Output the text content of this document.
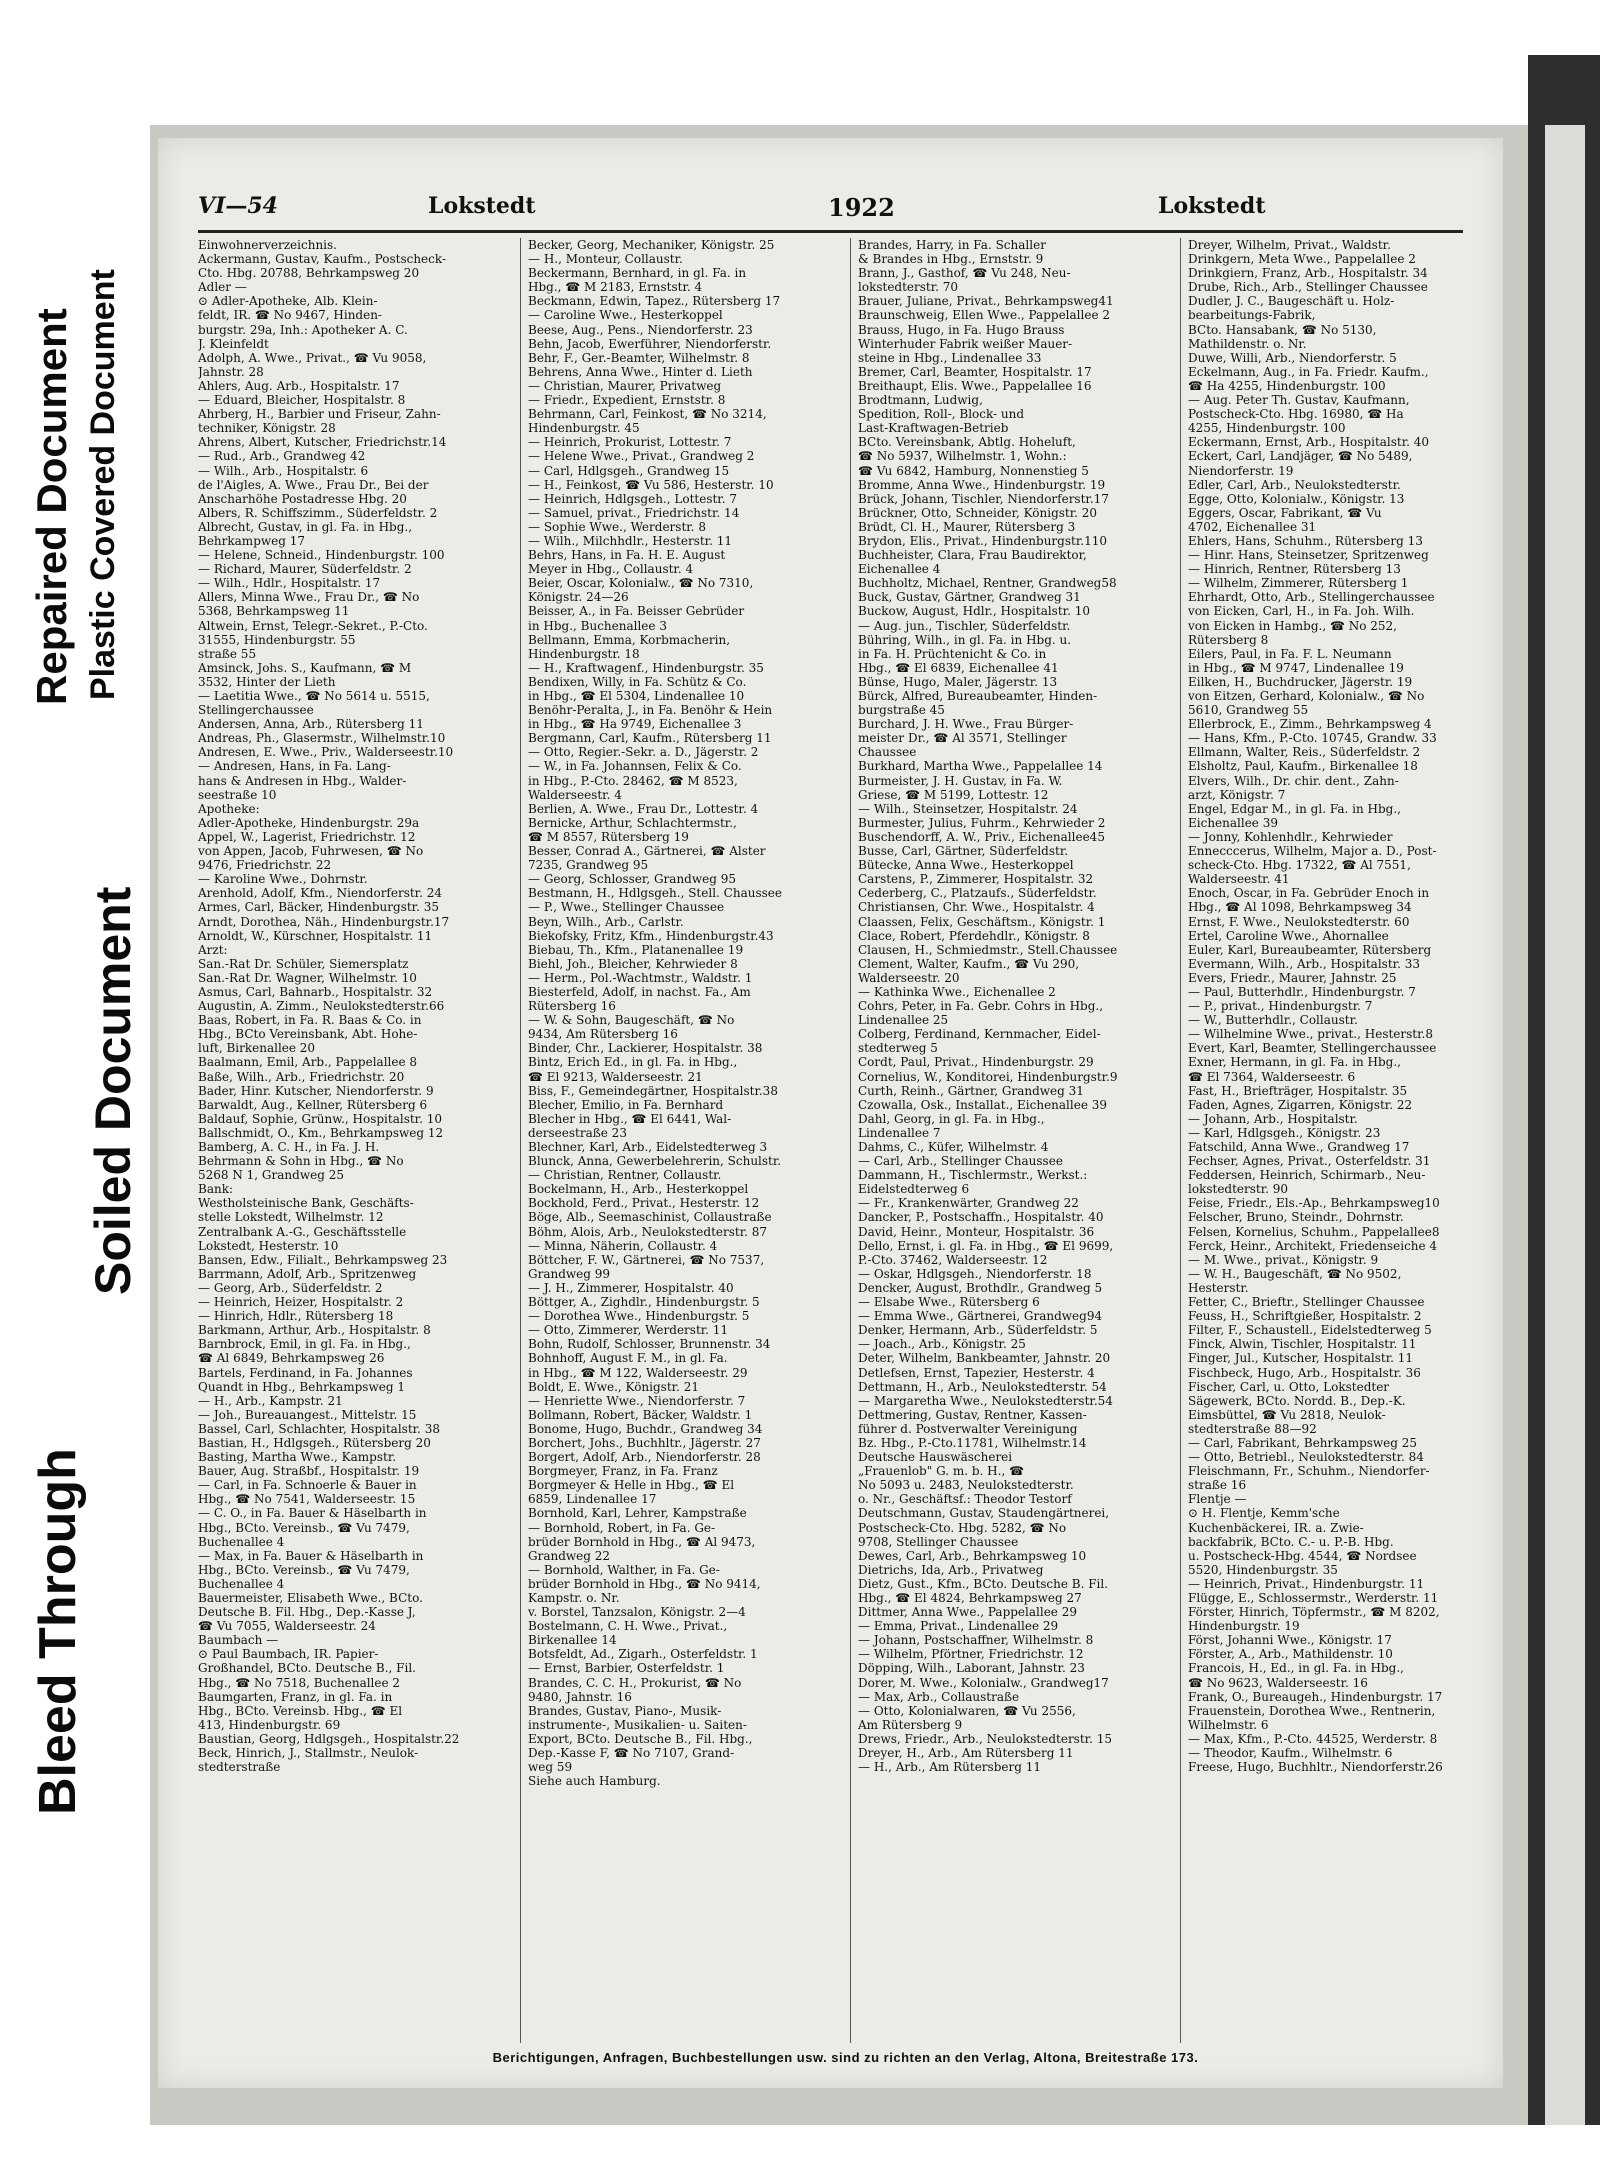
Repaired Document Plastic Covered Document
Soiled Document
Bleed Through
VI—54	Lokstedt	1922	Lokstedt

Einwohnerverzeichnis.

Ackermann, Gustav, Kaufm., Postscheck-

Cto. Hbg. 20788, Behrkampsweg 20

Adler —

⊙ Adler-Apotheke, Alb. Klein-

feldt, IR. ☎ No 9467, Hinden-

burgstr. 29a, Inh.: Apotheker A. C.

J. Kleinfeldt

Adolph, A. Wwe., Privat., ☎ Vu 9058,

Jahnstr. 28

Ahlers, Aug. Arb., Hospitalstr. 17

— Eduard, Bleicher, Hospitalstr. 8

Ahrberg, H., Barbier und Friseur, Zahn-

techniker, Königstr. 28

Ahrens, Albert, Kutscher, Friedrichstr.14

— Rud., Arb., Grandweg 42

— Wilh., Arb., Hospitalstr. 6

de l'Aigles, A. Wwe., Frau Dr., Bei der

Anscharhöhe Postadresse Hbg. 20

Albers, R. Schiffszimm., Süderfeldstr. 2

Albrecht, Gustav, in gl. Fa. in Hbg.,

Behrkampweg 17

— Helene, Schneid., Hindenburgstr. 100

— Richard, Maurer, Süderfeldstr. 2

— Wilh., Hdlr., Hospitalstr. 17

Allers, Minna Wwe., Frau Dr., ☎ No

5368, Behrkampsweg 11

Altwein, Ernst, Telegr.-Sekret., P.-Cto.

31555, Hindenburgstr. 55

straße 55

Amsinck, Johs. S., Kaufmann, ☎ M

3532, Hinter der Lieth

— Laetitia Wwe., ☎ No 5614 u. 5515,

Stellingerchaussee

Andersen, Anna, Arb., Rütersberg 11

Andreas, Ph., Glasermstr., Wilhelmstr.10

Andresen, E. Wwe., Priv., Walderseestr.10

— Andresen, Hans, in Fa. Lang-

hans & Andresen in Hbg., Walder-

seestraße 10

Apotheke:

Adler-Apotheke, Hindenburgstr. 29a

Appel, W., Lagerist, Friedrichstr. 12

von Appen, Jacob, Fuhrwesen, ☎ No

9476, Friedrichstr. 22

— Karoline Wwe., Dohrnstr.

Arenhold, Adolf, Kfm., Niendorferstr. 24

Armes, Carl, Bäcker, Hindenburgstr. 35

Arndt, Dorothea, Näh., Hindenburgstr.17

Arnoldt, W., Kürschner, Hospitalstr. 11

Arzt:

San.-Rat Dr. Schüler, Siemersplatz

San.-Rat Dr. Wagner, Wilhelmstr. 10

Asmus, Carl, Bahnarb., Hospitalstr. 32

Augustin, A. Zimm., Neulokstedterstr.66

Baas, Robert, in Fa. R. Baas & Co. in

Hbg., BCto Vereinsbank, Abt. Hohe-

luft, Birkenallee 20

Baalmann, Emil, Arb., Pappelallee 8

Baße, Wilh., Arb., Friedrichstr. 20

Bader, Hinr. Kutscher, Niendorferstr. 9

Barwaldt, Aug., Kellner, Rütersberg 6

Baldauf, Sophie, Grünw., Hospitalstr. 10

Ballschmidt, O., Km., Behrkampsweg 12

Bamberg, A. C. H., in Fa. J. H.

Behrmann & Sohn in Hbg., ☎ No

5268 N 1, Grandweg 25

Bank:

Westholsteinische Bank, Geschäfts-

stelle Lokstedt, Wilhelmstr. 12

Zentralbank A.-G., Geschäftsstelle

Lokstedt, Hesterstr. 10

Bansen, Edw., Filialt., Behrkampsweg 23

Barrmann, Adolf, Arb., Spritzenweg

— Georg, Arb., Süderfeldstr. 2

— Heinrich, Heizer, Hospitalstr. 2

— Hinrich, Hdlr., Rütersberg 18

Barkmann, Arthur, Arb., Hospitalstr. 8

Barnbrock, Emil, in gl. Fa. in Hbg.,

☎ Al 6849, Behrkampsweg 26

Bartels, Ferdinand, in Fa. Johannes

Quandt in Hbg., Behrkampsweg 1

— H., Arb., Kampstr. 21

— Joh., Bureauangest., Mittelstr. 15

Bassel, Carl, Schlachter, Hospitalstr. 38

Bastian, H., Hdlgsgeh., Rütersberg 20

Basting, Martha Wwe., Kampstr.

Bauer, Aug. Straßbf., Hospitalstr. 19

— Carl, in Fa. Schnoerle & Bauer in

Hbg., ☎ No 7541, Walderseestr. 15

— C. O., in Fa. Bauer & Häselbarth in

Hbg., BCto. Vereinsb., ☎ Vu 7479,

Buchenallee 4

— Max, in Fa. Bauer & Häselbarth in

Hbg., BCto. Vereinsb., ☎ Vu 7479,

Buchenallee 4

Bauermeister, Elisabeth Wwe., BCto.

Deutsche B. Fil. Hbg., Dep.-Kasse J,

☎ Vu 7055, Walderseestr. 24

Baumbach —

⊙ Paul Baumbach, IR. Papier-

Großhandel, BCto. Deutsche B., Fil.

Hbg., ☎ No 7518, Buchenallee 2

Baumgarten, Franz, in gl. Fa. in

Hbg., BCto. Vereinsb. Hbg., ☎ El

413, Hindenburgstr. 69

Baustian, Georg, Hdlgsgeh., Hospitalstr.22

Beck, Hinrich, J., Stallmstr., Neulok-

stedterstraße

Becker, Georg, Mechaniker, Königstr. 25

— H., Monteur, Collaustr.

Beckermann, Bernhard, in gl. Fa. in

Hbg., ☎ M 2183, Ernststr. 4

Beckmann, Edwin, Tapez., Rütersberg 17

— Caroline Wwe., Hesterkoppel

Beese, Aug., Pens., Niendorferstr. 23

Behn, Jacob, Ewerführer, Niendorferstr.

Behr, F., Ger.-Beamter, Wilhelmstr. 8

Behrens, Anna Wwe., Hinter d. Lieth

— Christian, Maurer, Privatweg

— Friedr., Expedient, Ernststr. 8

Behrmann, Carl, Feinkost, ☎ No 3214,

Hindenburgstr. 45

— Heinrich, Prokurist, Lottestr. 7

— Helene Wwe., Privat., Grandweg 2

— Carl, Hdlgsgeh., Grandweg 15

— H., Feinkost, ☎ Vu 586, Hesterstr. 10

— Heinrich, Hdlgsgeh., Lottestr. 7

— Samuel, privat., Friedrichstr. 14

— Sophie Wwe., Werderstr. 8

— Wilh., Milchhdlr., Hesterstr. 11

Behrs, Hans, in Fa. H. E. August

Meyer in Hbg., Collaustr. 4

Beier, Oscar, Kolonialw., ☎ No 7310,

Königstr. 24—26

Beisser, A., in Fa. Beisser Gebrüder

in Hbg., Buchenallee 3

Bellmann, Emma, Korbmacherin,

Hindenburgstr. 18

— H., Kraftwagenf., Hindenburgstr. 35

Bendixen, Willy, in Fa. Schütz & Co.

in Hbg., ☎ El 5304, Lindenallee 10

Benöhr-Peralta, J., in Fa. Benöhr & Hein

in Hbg., ☎ Ha 9749, Eichenallee 3

Bergmann, Carl, Kaufm., Rütersberg 11

— Otto, Regier.-Sekr. a. D., Jägerstr. 2

— W., in Fa. Johannsen, Felix & Co.

in Hbg., P.-Cto. 28462, ☎ M 8523,

Walderseestr. 4

Berlien, A. Wwe., Frau Dr., Lottestr. 4

Bernicke, Arthur, Schlachtermstr.,

☎ M 8557, Rütersberg 19

Besser, Conrad A., Gärtnerei, ☎ Alster

7235, Grandweg 95

— Georg, Schlosser, Grandweg 95

Bestmann, H., Hdlgsgeh., Stell. Chaussee

— P., Wwe., Stellinger Chaussee

Beyn, Wilh., Arb., Carlstr.

Biekofsky, Fritz, Kfm., Hindenburgstr.43

Biebau, Th., Kfm., Platanenallee 19

Biehl, Joh., Bleicher, Kehrwieder 8

— Herm., Pol.-Wachtmstr., Waldstr. 1

Biesterfeld, Adolf, in nachst. Fa., Am

Rütersberg 16

— W. & Sohn, Baugeschäft, ☎ No

9434, Am Rütersberg 16

Binder, Chr., Lackierer, Hospitalstr. 38

Bintz, Erich Ed., in gl. Fa. in Hbg.,

☎ El 9213, Walderseestr. 21

Biss, F., Gemeindegärtner, Hospitalstr.38

Blecher, Emilio, in Fa. Bernhard

Blecher in Hbg., ☎ El 6441, Wal-

derseestraße 23

Blechner, Karl, Arb., Eidelstedterweg 3

Blunck, Anna, Gewerbelehrerin, Schulstr.

— Christian, Rentner, Collaustr.

Bockelmann, H., Arb., Hesterkoppel

Bockhold, Ferd., Privat., Hesterstr. 12

Böge, Alb., Seemaschinist, Collaustraße

Böhm, Alois, Arb., Neulokstedterstr. 87

— Minna, Näherin, Collaustr. 4

Böttcher, F. W., Gärtnerei, ☎ No 7537,

Grandweg 99

— J. H., Zimmerer, Hospitalstr. 40

Böttger, A., Zighdlr., Hindenburgstr. 5

— Dorothea Wwe., Hindenburgstr. 5

— Otto, Zimmerer, Werderstr. 11

Bohn, Rudolf, Schlosser, Brunnenstr. 34

Bohnhoff, August F. M., in gl. Fa.

in Hbg., ☎ M 122, Walderseestr. 29

Boldt, E. Wwe., Königstr. 21

— Henriette Wwe., Niendorferstr. 7

Bollmann, Robert, Bäcker, Waldstr. 1

Bonome, Hugo, Buchdr., Grandweg 34

Borchert, Johs., Buchhltr., Jägerstr. 27

Borgert, Adolf, Arb., Niendorferstr. 28

Borgmeyer, Franz, in Fa. Franz

Borgmeyer & Helle in Hbg., ☎ El

6859, Lindenallee 17

Bornhold, Karl, Lehrer, Kampstraße

— Bornhold, Robert, in Fa. Ge-

brüder Bornhold in Hbg., ☎ Al 9473,

Grandweg 22

— Bornhold, Walther, in Fa. Ge-

brüder Bornhold in Hbg., ☎ No 9414,

Kampstr. o. Nr.

v. Borstel, Tanzsalon, Königstr. 2—4

Bostelmann, C. H. Wwe., Privat.,

Birkenallee 14

Botsfeldt, Ad., Zigarh., Osterfeldstr. 1

— Ernst, Barbier, Osterfeldstr. 1

Brandes, C. C. H., Prokurist, ☎ No

9480, Jahnstr. 16

Brandes, Gustav, Piano-, Musik-

instrumente-, Musikalien- u. Saiten-

Export, BCto. Deutsche B., Fil. Hbg.,

Dep.-Kasse F, ☎ No 7107, Grand-

weg 59

Siehe auch Hamburg.

Brandes, Harry, in Fa. Schaller

& Brandes in Hbg., Ernststr. 9

Brann, J., Gasthof, ☎ Vu 248, Neu-

lokstedterstr. 70

Brauer, Juliane, Privat., Behrkampsweg41

Braunschweig, Ellen Wwe., Pappelallee 2

Brauss, Hugo, in Fa. Hugo Brauss

Winterhuder Fabrik weißer Mauer-

steine in Hbg., Lindenallee 33

Bremer, Carl, Beamter, Hospitalstr. 17

Breithaupt, Elis. Wwe., Pappelallee 16

Brodtmann, Ludwig,

Spedition, Roll-, Block- und

Last-Kraftwagen-Betrieb

BCto. Vereinsbank, Abtlg. Hoheluft,

☎ No 5937, Wilhelmstr. 1, Wohn.:

☎ Vu 6842, Hamburg, Nonnenstieg 5

Bromme, Anna Wwe., Hindenburgstr. 19

Brück, Johann, Tischler, Niendorferstr.17

Brückner, Otto, Schneider, Königstr. 20

Brüdt, Cl. H., Maurer, Rütersberg 3

Brydon, Elis., Privat., Hindenburgstr.110

Buchheister, Clara, Frau Baudirektor,

Eichenallee 4

Buchholtz, Michael, Rentner, Grandweg58

Buck, Gustav, Gärtner, Grandweg 31

Buckow, August, Hdlr., Hospitalstr. 10

— Aug. jun., Tischler, Süderfeldstr.

Bühring, Wilh., in gl. Fa. in Hbg. u.

in Fa. H. Prüchtenicht & Co. in

Hbg., ☎ El 6839, Eichenallee 41

Bünse, Hugo, Maler, Jägerstr. 13

Bürck, Alfred, Bureaubeamter, Hinden-

burgstraße 45

Burchard, J. H. Wwe., Frau Bürger-

meister Dr., ☎ Al 3571, Stellinger

Chaussee

Burkhard, Martha Wwe., Pappelallee 14

Burmeister, J. H. Gustav, in Fa. W.

Griese, ☎ M 5199, Lottestr. 12

— Wilh., Steinsetzer, Hospitalstr. 24

Burmester, Julius, Fuhrm., Kehrwieder 2

Buschendorff, A. W., Priv., Eichenallee45

Busse, Carl, Gärtner, Süderfeldstr.

Bütecke, Anna Wwe., Hesterkoppel

Carstens, P., Zimmerer, Hospitalstr. 32

Cederberg, C., Platzaufs., Süderfeldstr.

Christiansen, Chr. Wwe., Hospitalstr. 4

Claassen, Felix, Geschäftsm., Königstr. 1

Clace, Robert, Pferdehdlr., Königstr. 8

Clausen, H., Schmiedmstr., Stell.Chaussee

Clement, Walter, Kaufm., ☎ Vu 290,

Walderseestr. 20

— Kathinka Wwe., Eichenallee 2

Cohrs, Peter, in Fa. Gebr. Cohrs in Hbg.,

Lindenallee 25

Colberg, Ferdinand, Kernmacher, Eidel-

stedterweg 5

Cordt, Paul, Privat., Hindenburgstr. 29

Cornelius, W., Konditorei, Hindenburgstr.9

Curth, Reinh., Gärtner, Grandweg 31

Czowalla, Osk., Installat., Eichenallee 39

Dahl, Georg, in gl. Fa. in Hbg.,

Lindenallee 7

Dahms, C., Küfer, Wilhelmstr. 4

— Carl, Arb., Stellinger Chaussee

Dammann, H., Tischlermstr., Werkst.:

Eidelstedterweg 6

— Fr., Krankenwärter, Grandweg 22

Dancker, P., Postschaffn., Hospitalstr. 40

David, Heinr., Monteur, Hospitalstr. 36

Dello, Ernst, i. gl. Fa. in Hbg., ☎ El 9699,

P.-Cto. 37462, Walderseestr. 12

— Oskar, Hdlgsgeh., Niendorferstr. 18

Dencker, August, Brothdlr., Grandweg 5

— Elsabe Wwe., Rütersberg 6

— Emma Wwe., Gärtnerei, Grandweg94

Denker, Hermann, Arb., Süderfeldstr. 5

— Joach., Arb., Königstr. 25

Deter, Wilhelm, Bankbeamter, Jahnstr. 20

Detlefsen, Ernst, Tapezier, Hesterstr. 4

Dettmann, H., Arb., Neulokstedterstr. 54

— Margaretha Wwe., Neulokstedterstr.54

Dettmering, Gustav, Rentner, Kassen-

führer d. Postverwalter Vereinigung

Bz. Hbg., P.-Cto.11781, Wilhelmstr.14

Deutsche Hauswäscherei

„Frauenlob" G. m. b. H., ☎

No 5093 u. 2483, Neulokstedterstr.

o. Nr., Geschäftsf.: Theodor Testorf

Deutschmann, Gustav, Staudengärtnerei,

Postscheck-Cto. Hbg. 5282, ☎ No

9708, Stellinger Chaussee

Dewes, Carl, Arb., Behrkampsweg 10

Dietrichs, Ida, Arb., Privatweg

Dietz, Gust., Kfm., BCto. Deutsche B. Fil.

Hbg., ☎ El 4824, Behrkampsweg 27

Dittmer, Anna Wwe., Pappelallee 29

— Emma, Privat., Lindenallee 29

— Johann, Postschaffner, Wilhelmstr. 8

— Wilhelm, Pförtner, Friedrichstr. 12

Döpping, Wilh., Laborant, Jahnstr. 23

Dorer, M. Wwe., Kolonialw., Grandweg17

— Max, Arb., Collaustraße

— Otto, Kolonialwaren, ☎ Vu 2556,

Am Rütersberg 9

Drews, Friedr., Arb., Neulokstedterstr. 15

Dreyer, H., Arb., Am Rütersberg 11

— H., Arb., Am Rütersberg 11

Dreyer, Wilhelm, Privat., Waldstr.

Drinkgern, Meta Wwe., Pappelallee 2

Drinkgiern, Franz, Arb., Hospitalstr. 34

Drube, Rich., Arb., Stellinger Chaussee

Dudler, J. C., Baugeschäft u. Holz-

bearbeitungs-Fabrik,

BCto. Hansabank, ☎ No 5130,

Mathildenstr. o. Nr.

Duwe, Willi, Arb., Niendorferstr. 5

Eckelmann, Aug., in Fa. Friedr. Kaufm.,

☎ Ha 4255, Hindenburgstr. 100

— Aug. Peter Th. Gustav, Kaufmann,

Postscheck-Cto. Hbg. 16980, ☎ Ha

4255, Hindenburgstr. 100

Eckermann, Ernst, Arb., Hospitalstr. 40

Eckert, Carl, Landjäger, ☎ No 5489,

Niendorferstr. 19

Edler, Carl, Arb., Neulokstedterstr.

Egge, Otto, Kolonialw., Königstr. 13

Eggers, Oscar, Fabrikant, ☎ Vu

4702, Eichenallee 31

Ehlers, Hans, Schuhm., Rütersberg 13

— Hinr. Hans, Steinsetzer, Spritzenweg

— Hinrich, Rentner, Rütersberg 13

— Wilhelm, Zimmerer, Rütersberg 1

Ehrhardt, Otto, Arb., Stellingerchaussee

von Eicken, Carl, H., in Fa. Joh. Wilh.

von Eicken in Hambg., ☎ No 252,

Rütersberg 8

Eilers, Paul, in Fa. F. L. Neumann

in Hbg., ☎ M 9747, Lindenallee 19

Eilken, H., Buchdrucker, Jägerstr. 19

von Eitzen, Gerhard, Kolonialw., ☎ No

5610, Grandweg 55

Ellerbrock, E., Zimm., Behrkampsweg 4

— Hans, Kfm., P.-Cto. 10745, Grandw. 33

Ellmann, Walter, Reis., Süderfeldstr. 2

Elsholtz, Paul, Kaufm., Birkenallee 18

Elvers, Wilh., Dr. chir. dent., Zahn-

arzt, Königstr. 7

Engel, Edgar M., in gl. Fa. in Hbg.,

Eichenallee 39

— Jonny, Kohlenhdlr., Kehrwieder

Ennecccerus, Wilhelm, Major a. D., Post-

scheck-Cto. Hbg. 17322, ☎ Al 7551,

Walderseestr. 41

Enoch, Oscar, in Fa. Gebrüder Enoch in

Hbg., ☎ Al 1098, Behrkampsweg 34

Ernst, F. Wwe., Neulokstedterstr. 60

Ertel, Caroline Wwe., Ahornallee

Euler, Karl, Bureaubeamter, Rütersberg

Evermann, Wilh., Arb., Hospitalstr. 33

Evers, Friedr., Maurer, Jahnstr. 25

— Paul, Butterhdlr., Hindenburgstr. 7

— P., privat., Hindenburgstr. 7

— W., Butterhdlr., Collaustr.

— Wilhelmine Wwe., privat., Hesterstr.8

Evert, Karl, Beamter, Stellingerchaussee

Exner, Hermann, in gl. Fa. in Hbg.,

☎ El 7364, Walderseestr. 6

Fast, H., Briefträger, Hospitalstr. 35

Faden, Agnes, Zigarren, Königstr. 22

— Johann, Arb., Hospitalstr.

— Karl, Hdlgsgeh., Königstr. 23

Fatschild, Anna Wwe., Grandweg 17

Fechser, Agnes, Privat., Osterfeldstr. 31

Feddersen, Heinrich, Schirmarb., Neu-

lokstedterstr. 90

Feise, Friedr., Els.-Ap., Behrkampsweg10

Felscher, Bruno, Steindr., Dohrnstr.

Felsen, Kornelius, Schuhm., Pappelallee8

Ferck, Heinr., Architekt, Friedenseiche 4

— M. Wwe., privat., Königstr. 9

— W. H., Baugeschäft, ☎ No 9502,

Hesterstr.

Fetter, C., Brieftr., Stellinger Chaussee

Feuss, H., Schriftgießer, Hospitalstr. 2

Filter, F., Schaustell., Eidelstedterweg 5

Finck, Alwin, Tischler, Hospitalstr. 11

Finger, Jul., Kutscher, Hospitalstr. 11

Fischbeck, Hugo, Arb., Hospitalstr. 36

Fischer, Carl, u. Otto, Lokstedter

Sägewerk, BCto. Nordd. B., Dep.-K.

Eimsbüttel, ☎ Vu 2818, Neulok-

stedterstraße 88—92

— Carl, Fabrikant, Behrkampsweg 25

— Otto, Betriebl., Neulokstedterstr. 84

Fleischmann, Fr., Schuhm., Niendorfer-

straße 16

Flentje —

⊙ H. Flentje, Kemm'sche

Kuchenbäckerei, IR. a. Zwie-

backfabrik, BCto. C.- u. P.-B. Hbg.

u. Postscheck-Hbg. 4544, ☎ Nordsee

5520, Hindenburgstr. 35

— Heinrich, Privat., Hindenburgstr. 11

Flügge, E., Schlossermstr., Werderstr. 11

Förster, Hinrich, Töpfermstr., ☎ M 8202,

Hindenburgstr. 19

Först, Johanni Wwe., Königstr. 17

Förster, A., Arb., Mathildenstr. 10

Francois, H., Ed., in gl. Fa. in Hbg.,

☎ No 9623, Walderseestr. 16

Frank, O., Bureaugeh., Hindenburgstr. 17

Frauenstein, Dorothea Wwe., Rentnerin,

Wilhelmstr. 6

— Max, Kfm., P.-Cto. 44525, Werderstr. 8

— Theodor, Kaufm., Wilhelmstr. 6

Freese, Hugo, Buchhltr., Niendorferstr.26

Berichtigungen, Anfragen, Buchbestellungen usw. sind zu richten an den Verlag, Altona, Breitestraße 173.
